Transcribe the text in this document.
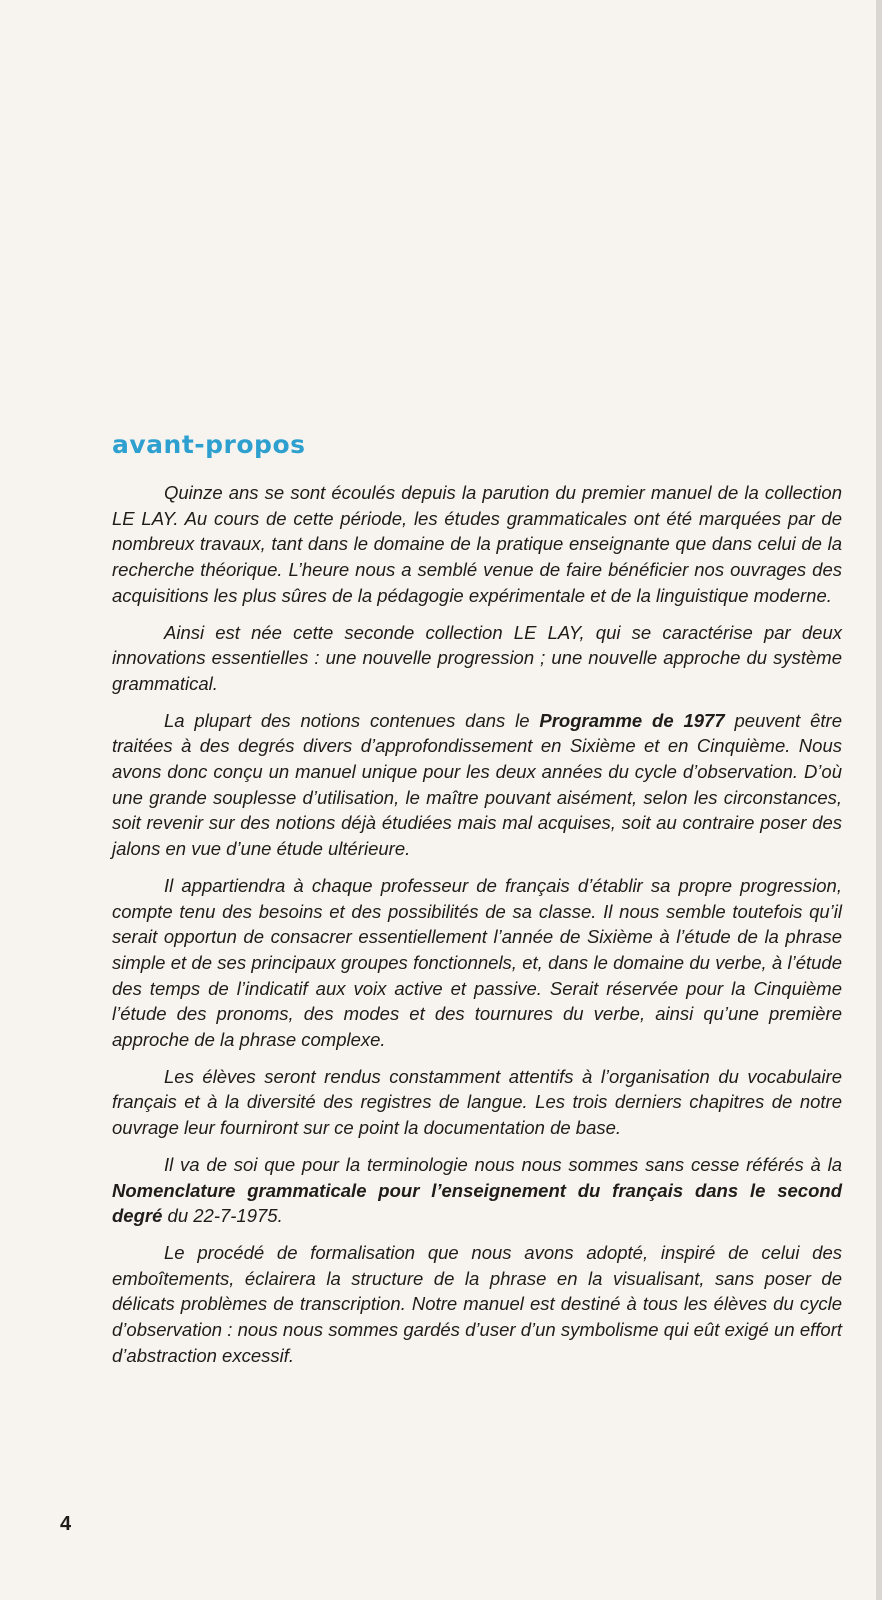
avant-propos

Quinze ans se sont écoulés depuis la parution du premier manuel de la collection LE LAY. Au cours de cette période, les études grammaticales ont été marquées par de nombreux travaux, tant dans le domaine de la pratique enseignante que dans celui de la recherche théorique. L’heure nous a semblé venue de faire bénéficier nos ouvrages des acquisitions les plus sûres de la pédagogie expérimentale et de la linguistique moderne.

Ainsi est née cette seconde collection LE LAY, qui se caractérise par deux innovations essentielles : une nouvelle progression ; une nouvelle approche du système grammatical.

La plupart des notions contenues dans le Programme de 1977 peuvent être traitées à des degrés divers d’approfondissement en Sixième et en Cinquième. Nous avons donc conçu un manuel unique pour les deux années du cycle d’observation. D’où une grande souplesse d’utilisation, le maître pouvant aisément, selon les circonstances, soit revenir sur des notions déjà étudiées mais mal acquises, soit au contraire poser des jalons en vue d’une étude ultérieure.

Il appartiendra à chaque professeur de français d’établir sa propre progression, compte tenu des besoins et des possibilités de sa classe. Il nous semble toutefois qu’il serait opportun de consacrer essentiellement l’année de Sixième à l’étude de la phrase simple et de ses principaux groupes fonctionnels, et, dans le domaine du verbe, à l’étude des temps de l’indicatif aux voix active et passive. Serait réservée pour la Cinquième l’étude des pronoms, des modes et des tournures du verbe, ainsi qu’une première approche de la phrase complexe.

Les élèves seront rendus constamment attentifs à l’organisation du vocabulaire français et à la diversité des registres de langue. Les trois derniers chapitres de notre ouvrage leur fourniront sur ce point la documentation de base.

Il va de soi que pour la terminologie nous nous sommes sans cesse référés à la Nomenclature grammaticale pour l’enseignement du français dans le second degré du 22-7-1975.

Le procédé de formalisation que nous avons adopté, inspiré de celui des emboîtements, éclairera la structure de la phrase en la visualisant, sans poser de délicats problèmes de transcription. Notre manuel est destiné à tous les élèves du cycle d’observation : nous nous sommes gardés d’user d’un symbolisme qui eût exigé un effort d’abstraction excessif.

4
